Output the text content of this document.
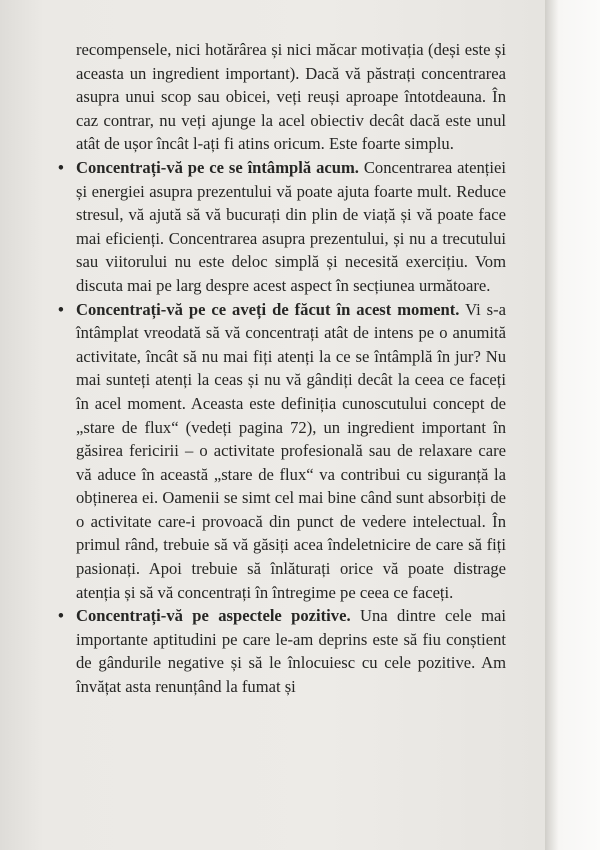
recompensele, nici hotărârea și nici măcar motivația (deși este și aceasta un ingredient important). Dacă vă păstrați concentrarea asupra unui scop sau obicei, veți reuși aproape întotdeauna. În caz contrar, nu veți ajunge la acel obiectiv decât dacă este unul atât de ușor încât l-ați fi atins oricum. Este foarte simplu.

• Concentrați-vă pe ce se întâmplă acum. Concentrarea atenției și energiei asupra prezentului vă poate ajuta foarte mult. Reduce stresul, vă ajută să vă bucurați din plin de viață și vă poate face mai eficienți. Concentrarea asupra prezentului, și nu a trecutului sau viitorului nu este deloc simplă și necesită exercițiu. Vom discuta mai pe larg despre acest aspect în secțiunea următoare.

• Concentrați-vă pe ce aveți de făcut în acest moment. Vi s-a întâmplat vreodată să vă concentrați atât de intens pe o anumită activitate, încât să nu mai fiți atenți la ce se întâmplă în jur? Nu mai sunteți atenți la ceas și nu vă gândiți decât la ceea ce faceți în acel moment. Aceasta este definiția cunoscutului concept de „stare de flux“ (vedeți pagina 72), un ingredient important în găsirea fericirii – o activitate profesională sau de relaxare care vă aduce în această „stare de flux“ va contribui cu siguranță la obținerea ei. Oamenii se simt cel mai bine când sunt absorbiți de o activitate care-i provoacă din punct de vedere intelectual. În primul rând, trebuie să vă găsiți acea îndeletnicire de care să fiți pasionați. Apoi trebuie să înlăturați orice vă poate distrage atenția și să vă concentrați în întregime pe ceea ce faceți.

• Concentrați-vă pe aspectele pozitive. Una dintre cele mai importante aptitudini pe care le-am deprins este să fiu conștient de gândurile negative și să le înlocuiesc cu cele pozitive. Am învățat asta renunțând la fumat și
